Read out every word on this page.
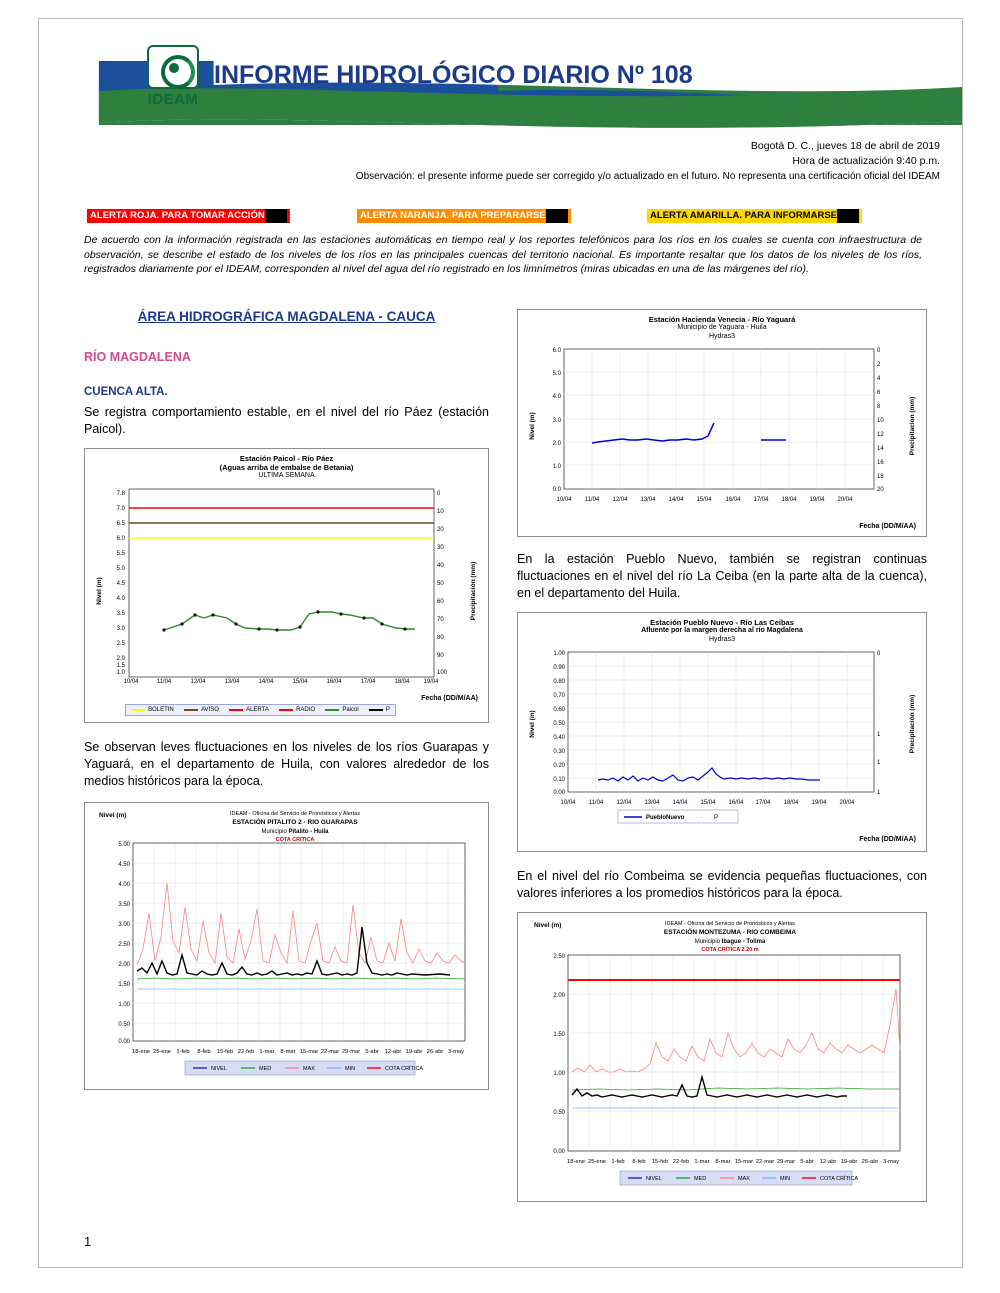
IDEAM
INFORME HIDROLÓGICO DIARIO Nº 108
Bogotá D. C., jueves 18 de abril de 2019
Hora de actualización 9:40 p.m.
Observación: el presente informe puede ser corregido y/o actualizado en el futuro. No representa una certificación oficial del IDEAM
ALERTA ROJA. PARA TOMAR ACCIÓN	ALERTA NARANJA. PARA PREPARARSE	ALERTA AMARILLA. PARA INFORMARSE
De acuerdo con la información registrada en las estaciones automáticas en tiempo real y los reportes telefónicos para los ríos en los cuales se cuenta con infraestructura de observación, se describe el estado de los niveles de los ríos en las principales cuencas del territorio nacional. Es importante resaltar que los datos de los niveles de los ríos, registrados diariamente por el IDEAM, corresponden al nivel del agua del río registrado en los limnímetros (miras ubicadas en una de las márgenes del río).
ÁREA HIDROGRÁFICA MAGDALENA - CAUCA
RÍO MAGDALENA
CUENCA ALTA.

Se registra comportamiento estable, en el nivel del río Páez (estación Paicol).

Estación Paicol - Río Páez
(Aguas arriba de embalse de Betania)
ULTIMA SEMANA
7.8
7.0
6.5
6.0
5.5
5.0
4.5
4.0
3.5
3.0
2.5
2.0
1.5
1.0
0
10
20
30
40
50
60
70
80
90
100
10/04	11/04	12/04	13/04	14/04	15/04	16/04	17/04	18/04 19/04
Nivel (m)	Precipitación (mm)
Fecha (DD/M/AA)
BOLETIN	AVISO	ALERTA	RADIO	Paicol	P

Se observan leves fluctuaciones en los niveles de los ríos Guarapas y Yaguará, en el departamento de Huila, con valores alrededor de los medios históricos para la época.

Nivel (m)	IDEAM - Oficina del Servicio de Pronósticos y Alertas
ESTACIÓN PITALITO 2 - RIO GUARAPAS
Municipio Pitalito - Huila
COTA CRÍTICA
5.00
4.50
4.00
3.50
3.00
2.50
2.00
1.50
1.00
0.50
0.00
18-ene 25-ene 1-feb 8-feb 15-feb 22-feb 1-mar 8-mar 15-mar 22-mar 29-mar 5-abr 12-abr 19-abr 26-abr 3-may
NIVEL	MED	MAX	MIN	COTA CRÍTICA
Estación Hacienda Venecia - Río Yaguará
Municipio de Yaguara - Huila
Hydras3
Nivel (m)	Precipitacion (mm)
6.0
5.0
4.0
3.0
2.0
1.0
0.0
0
2
4
6
8
10
12
14
16
18
20
10/04 11/04 12/04 13/04 14/04 15/04 16/04 17/04 18/04 19/04 20/04
Fecha (DD/M/AA)

En la estación Pueblo Nuevo, también se registran continuas fluctuaciones en el nivel del río La Ceiba (en la parte alta de la cuenca), en el departamento del Huila.

Estación Pueblo Nuevo - Río Las Ceibas
Afluente por la margen derecha al río Magdalena
Hydras3
Nivel (m)	Precipitación (mm)
1.00
0.90
0.80
0.70
0.60
0.50
0.40
0.30
0.20
0.10
0.00
0
1
1
1
10/04 11/04 12/04 13/04 14/04 15/04 16/04 17/04 18/04 19/04 20/04
PuebloNuevo	P
·
Fecha (DD/M/AA)

En el nivel del río Combeima se evidencia pequeñas fluctuaciones, con valores inferiores a los promedios históricos para la época.

Nivel (m)	IDEAM - Oficina del Servicio de Pronósticos y Alertas
ESTACIÓN MONTEZUMA - RIO COMBEIMA
Municipio Ibague - Tolima
COTA CRÍTICA 2.20 m
2.50
2.00
1.50
1.00
0.50
0.00
18-ene 25-ene 1-feb 8-feb 15-feb 22-feb 1-mar 8-mar 15-mar 22-mar 29-mar 5-abr 12-abr 19-abr 26-abr 3-may
NIVEL	MED	MAX	MIN	COTA CRÍTICA
1
